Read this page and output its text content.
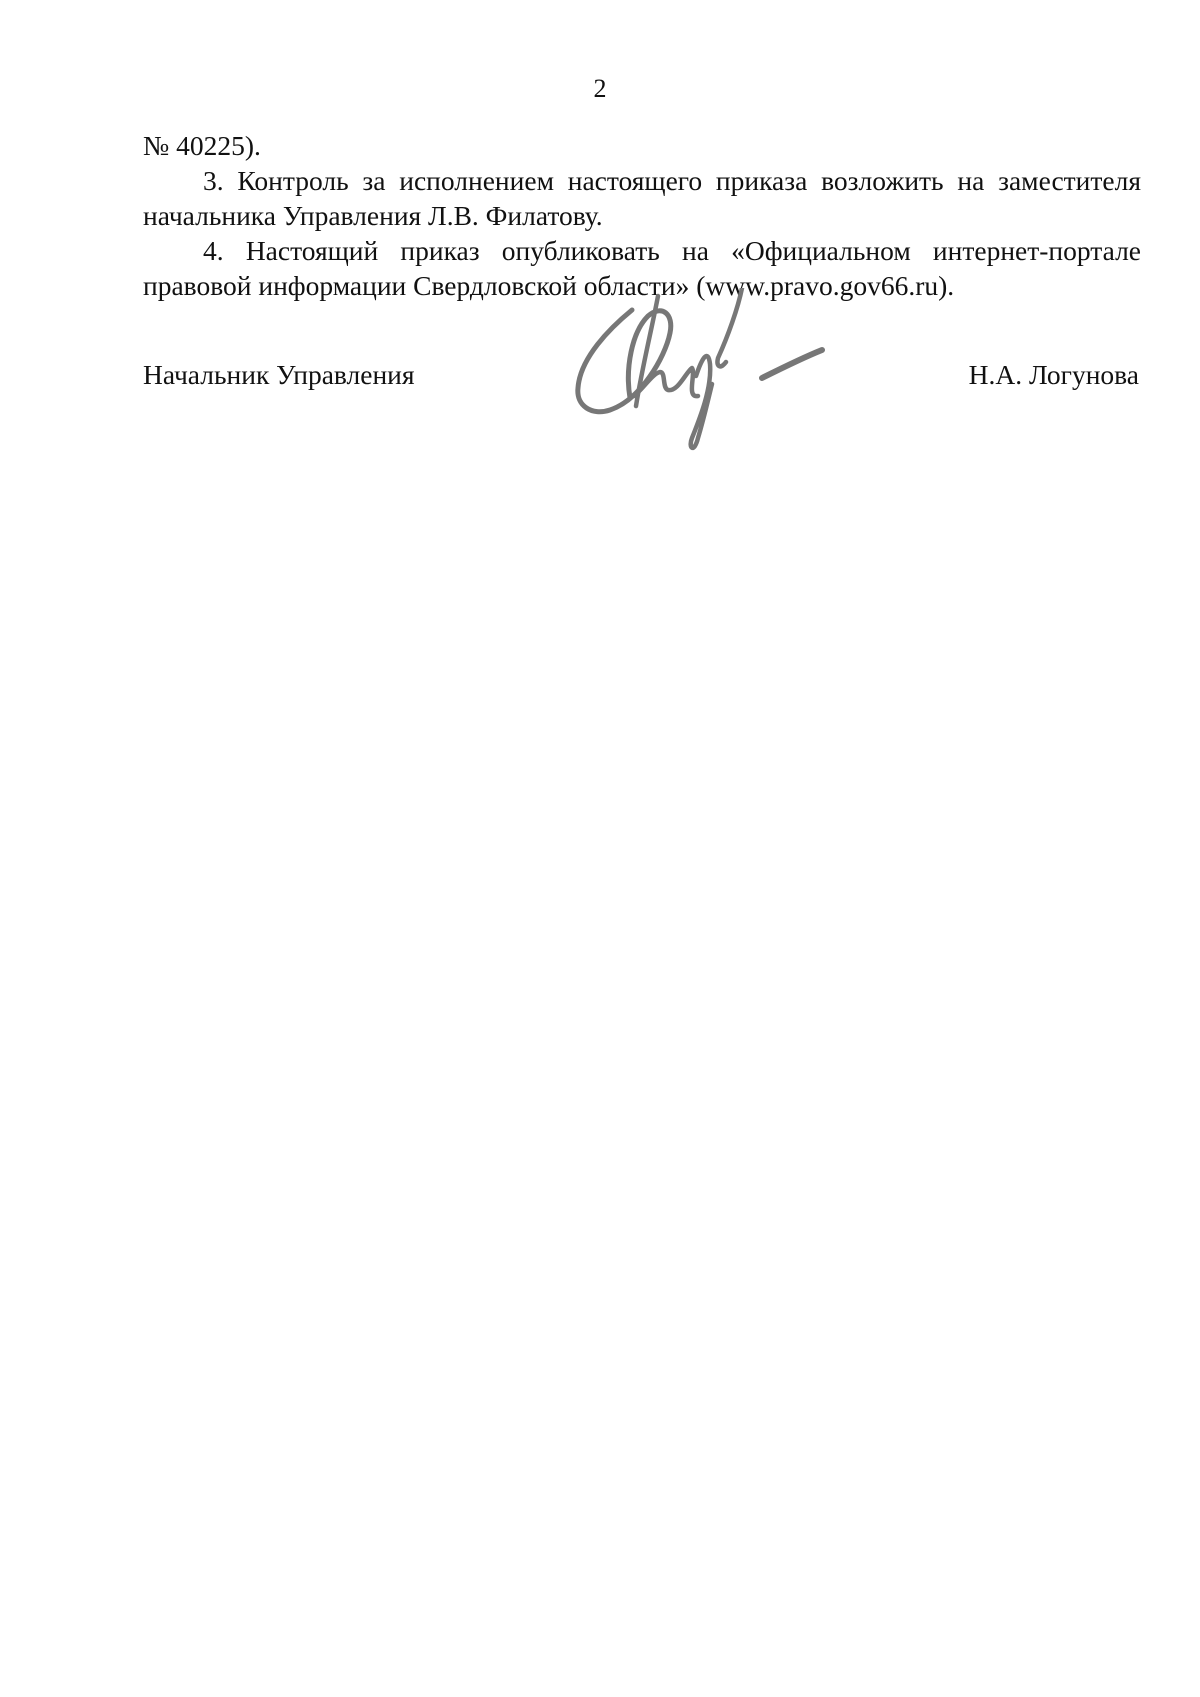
2

№ 40225).

3. Контроль за исполнением настоящего приказа возложить на заместителя начальника Управления Л.В. Филатову.

4. Настоящий приказ опубликовать на «Официальном интернет-портале правовой информации Свердловской области» (www.pravo.gov66.ru).

Начальник Управления	Н.А. Логунова
